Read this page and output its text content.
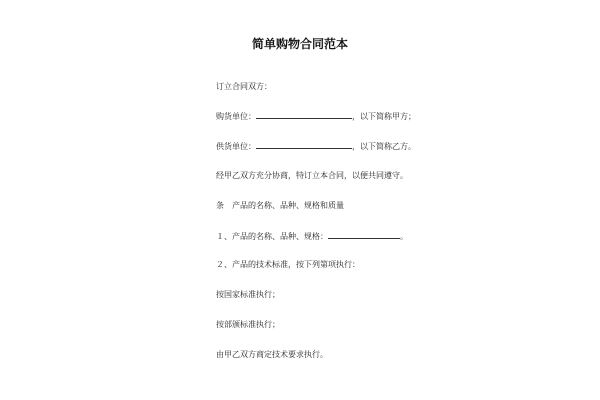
简单购物合同范本
订立合同双方：
购货单位：	，以下简称甲方；
供货单位：	，以下简称乙方。
经甲乙双方充分协商，特订立本合同，以便共同遵守。
条　产品的名称、品种、规格和质量
１、产品的名称、品种、规格：	。
２、产品的技术标准，按下列第项执行：
按国家标准执行；
按部颁标准执行；
由甲乙双方商定技术要求执行。
